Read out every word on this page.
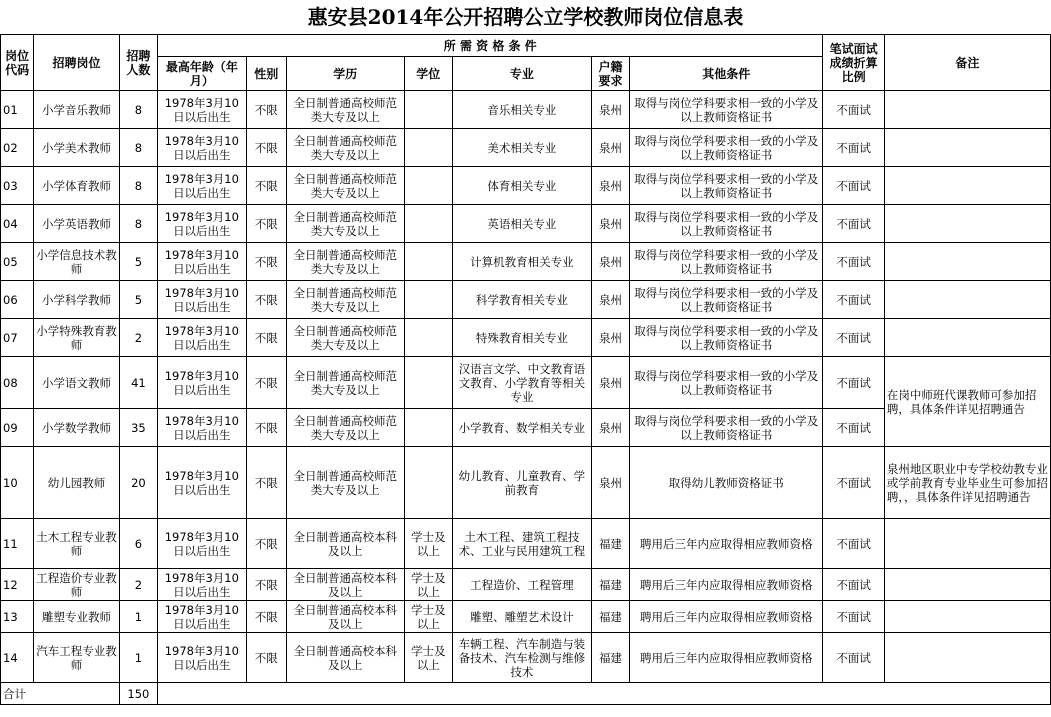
惠安县2014年公开招聘公立学校教师岗位信息表
岗位代码	招聘岗位	招聘人数	所 需 资 格 条 件							笔试面试成绩折算比例	备注
			最高年龄（年月）	性别	学历	学位	专业	户籍要求	其他条件		
01	小学音乐教师	8	1978年3月10日以后出生	不限	全日制普通高校师范类大专及以上		音乐相关专业	泉州	取得与岗位学科要求相一致的小学及以上教师资格证书	不面试	
02	小学美术教师	8	1978年3月10日以后出生	不限	全日制普通高校师范类大专及以上		美术相关专业	泉州	取得与岗位学科要求相一致的小学及以上教师资格证书	不面试	
03	小学体育教师	8	1978年3月10日以后出生	不限	全日制普通高校师范类大专及以上		体育相关专业	泉州	取得与岗位学科要求相一致的小学及以上教师资格证书	不面试	
04	小学英语教师	8	1978年3月10日以后出生	不限	全日制普通高校师范类大专及以上		英语相关专业	泉州	取得与岗位学科要求相一致的小学及以上教师资格证书	不面试	
05	小学信息技术教师	5	1978年3月10日以后出生	不限	全日制普通高校师范类大专及以上		计算机教育相关专业	泉州	取得与岗位学科要求相一致的小学及以上教师资格证书	不面试	
06	小学科学教师	5	1978年3月10日以后出生	不限	全日制普通高校师范类大专及以上		科学教育相关专业	泉州	取得与岗位学科要求相一致的小学及以上教师资格证书	不面试	
07	小学特殊教育教师	2	1978年3月10日以后出生	不限	全日制普通高校师范类大专及以上		特殊教育相关专业	泉州	取得与岗位学科要求相一致的小学及以上教师资格证书	不面试	
08	小学语文教师	41	1978年3月10日以后出生	不限	全日制普通高校师范类大专及以上		汉语言文学、中文教育语文教育、小学教育等相关专业	泉州	取得与岗位学科要求相一致的小学及以上教师资格证书	不面试	在岗中师班代课教师可参加招聘，具体条件详见招聘通告
09	小学数学教师	35	1978年3月10日以后出生	不限	全日制普通高校师范类大专及以上		小学教育、数学相关专业	泉州	取得与岗位学科要求相一致的小学及以上教师资格证书	不面试	
10	幼儿园教师	20	1978年3月10日以后出生	不限	全日制普通高校师范类大专及以上		幼儿教育、儿童教育、学前教育	泉州	取得幼儿教师资格证书	不面试	泉州地区职业中专学校幼教专业或学前教育专业毕业生可参加招聘，，具体条件详见招聘通告
11	土木工程专业教师	6	1978年3月10日以后出生	不限	全日制普通高校本科及以上	学士及以上	土木工程、建筑工程技术、工业与民用建筑工程	福建	聘用后三年内应取得相应教师资格	不面试	
12	工程造价专业教师	2	1978年3月10日以后出生	不限	全日制普通高校本科及以上	学士及以上	工程造价、工程管理	福建	聘用后三年内应取得相应教师资格	不面试	
13	雕塑专业教师	1	1978年3月10日以后出生	不限	全日制普通高校本科及以上	学士及以上	雕塑、雕塑艺术设计	福建	聘用后三年内应取得相应教师资格	不面试	
14	汽车工程专业教师	1	1978年3月10日以后出生	不限	全日制普通高校本科及以上	学士及以上	车辆工程、汽车制造与装备技术、汽车检测与维修技术	福建	聘用后三年内应取得相应教师资格	不面试	
合计		150									
